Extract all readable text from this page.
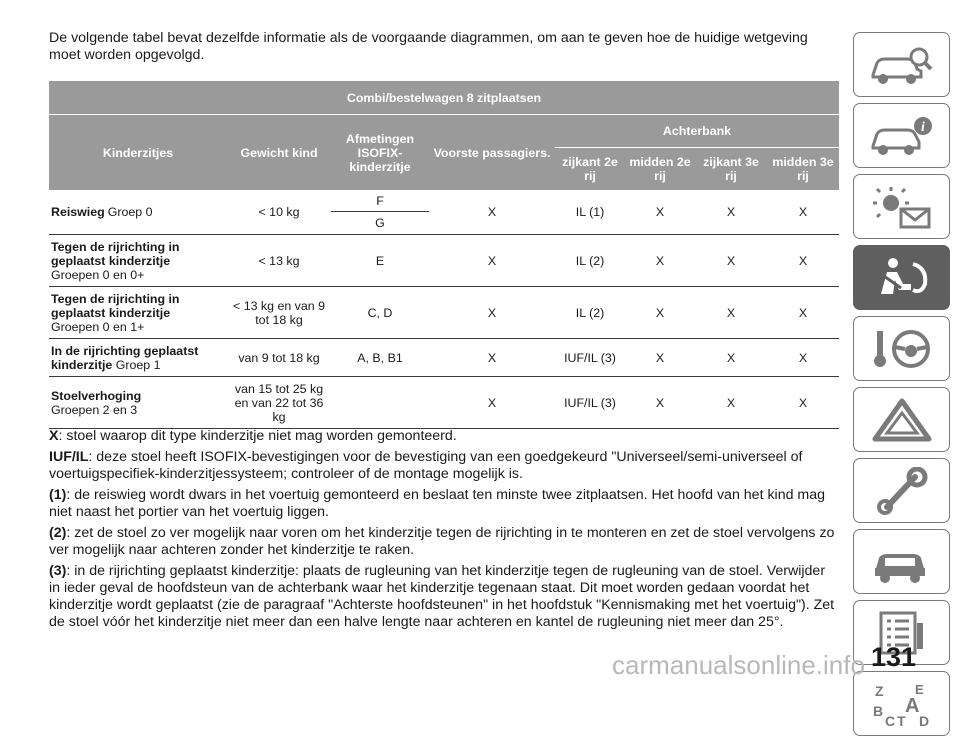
De volgende tabel bevat dezelfde informatie als de voorgaande diagrammen, om aan te geven hoe de huidige wetgeving moet worden opgevolgd.

Combi/bestelwagen 8 zitplaatsen							
Kinderzitjes	Gewicht kind	Afmetingen ISOFIX-kinderzitje	Voorste passagiers.	Achterbank			
				zijkant 2e rij	midden 2e rij	zijkant 3e rij	midden 3e rij
Reiswieg Groep 0	< 10 kg	F	X	IL (1)	X	X	X
		G					

Tegen de rijrichting in geplaatst kinderzitje
Groepen 0 en 0+	< 13 kg	E	X	IL (2)	X	X	X

Tegen de rijrichting in geplaatst kinderzitje
Groepen 0 en 1+	< 13 kg en van 9 tot 18 kg	C, D	X	IL (2)	X	X	X
In de rijrichting geplaatst kinderzitje Groep 1	van 9 tot 18 kg	A, B, B1	X	IUF/IL (3)	X	X	X

Stoelverhoging
Groepen 2 en 3	van 15 tot 25 kg en van 22 tot 36 kg		X	IUF/IL (3)	X	X	X

X: stoel waarop dit type kinderzitje niet mag worden gemonteerd.

IUF/IL: deze stoel heeft ISOFIX-bevestigingen voor de bevestiging van een goedgekeurd "Universeel/semi-universeel of voertuigspecifiek-kinderzitjessysteem; controleer of de montage mogelijk is.

(1): de reiswieg wordt dwars in het voertuig gemonteerd en beslaat ten minste twee zitplaatsen. Het hoofd van het kind mag niet naast het portier van het voertuig liggen.

(2): zet de stoel zo ver mogelijk naar voren om het kinderzitje tegen de rijrichting in te monteren en zet de stoel vervolgens zo ver mogelijk naar achteren zonder het kinderzitje te raken.

(3): in de rijrichting geplaatst kinderzitje: plaats de rugleuning van het kinderzitje tegen de rugleuning van de stoel. Verwijder in ieder geval de hoofdsteun van de achterbank waar het kinderzitje tegenaan staat. Dit moet worden gedaan voordat het kinderzitje wordt geplaatst (zie de paragraaf "Achterste hoofdsteunen" in het hoofdstuk "Kennismaking met het voertuig"). Zet de stoel vóór het kinderzitje niet meer dan een halve lengte naar achteren en kantel de rugleuning niet meer dan 25°.

i
Z E
B A
C T D
131
carmanualsonline.info
